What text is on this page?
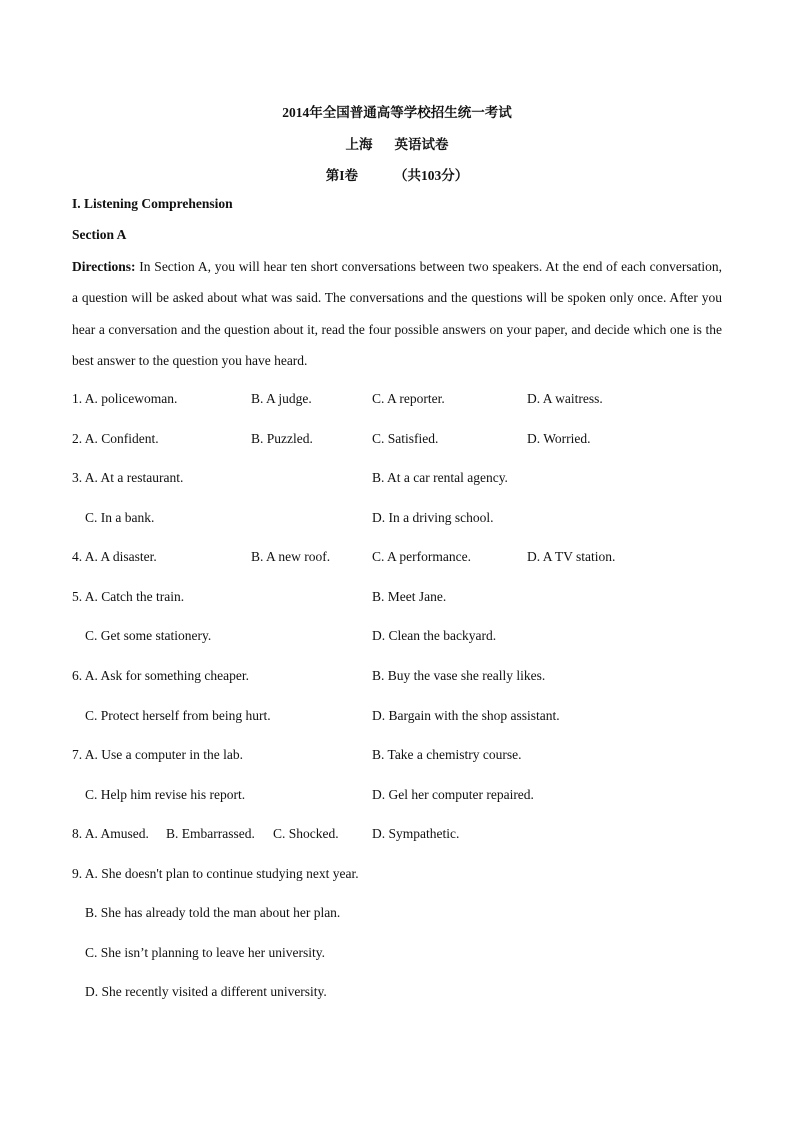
2014年全国普通高等学校招生统一考试
上海 英语试卷
第I卷	（共103分）
I. Listening Comprehension
Section A
Directions: In Section A, you will hear ten short conversations between two speakers. At the end of each conversation, a question will be asked about what was said. The conversations and the questions will be spoken only once. After you hear a conversation and the question about it, read the four possible answers on your paper, and decide which one is the best answer to the question you have heard.
1. A. policewoman.	B. A judge.	C. A reporter.	D. A waitress.
2. A. Confident.	B. Puzzled.	C. Satisfied.	D. Worried.
3. A. At a restaurant.	B. At a car rental agency.
C. In a bank.	D. In a driving school.
4. A. A disaster.	B. A new roof.	C. A performance.	D. A TV station.
5. A. Catch the train.	B. Meet Jane.
C. Get some stationery.	D. Clean the backyard.
6. A. Ask for something cheaper.	B. Buy the vase she really likes.
C. Protect herself from being hurt.	D. Bargain with the shop assistant.
7. A. Use a computer in the lab.	B. Take a chemistry course.
C. Help him revise his report.	D. Gel her computer repaired.
8. A. Amused. B. Embarrassed. C. Shocked. D. Sympathetic.
9. A. She doesn't plan to continue studying next year.
B. She has already told the man about her plan.
C. She isn’t planning to leave her university.
D. She recently visited a different university.
